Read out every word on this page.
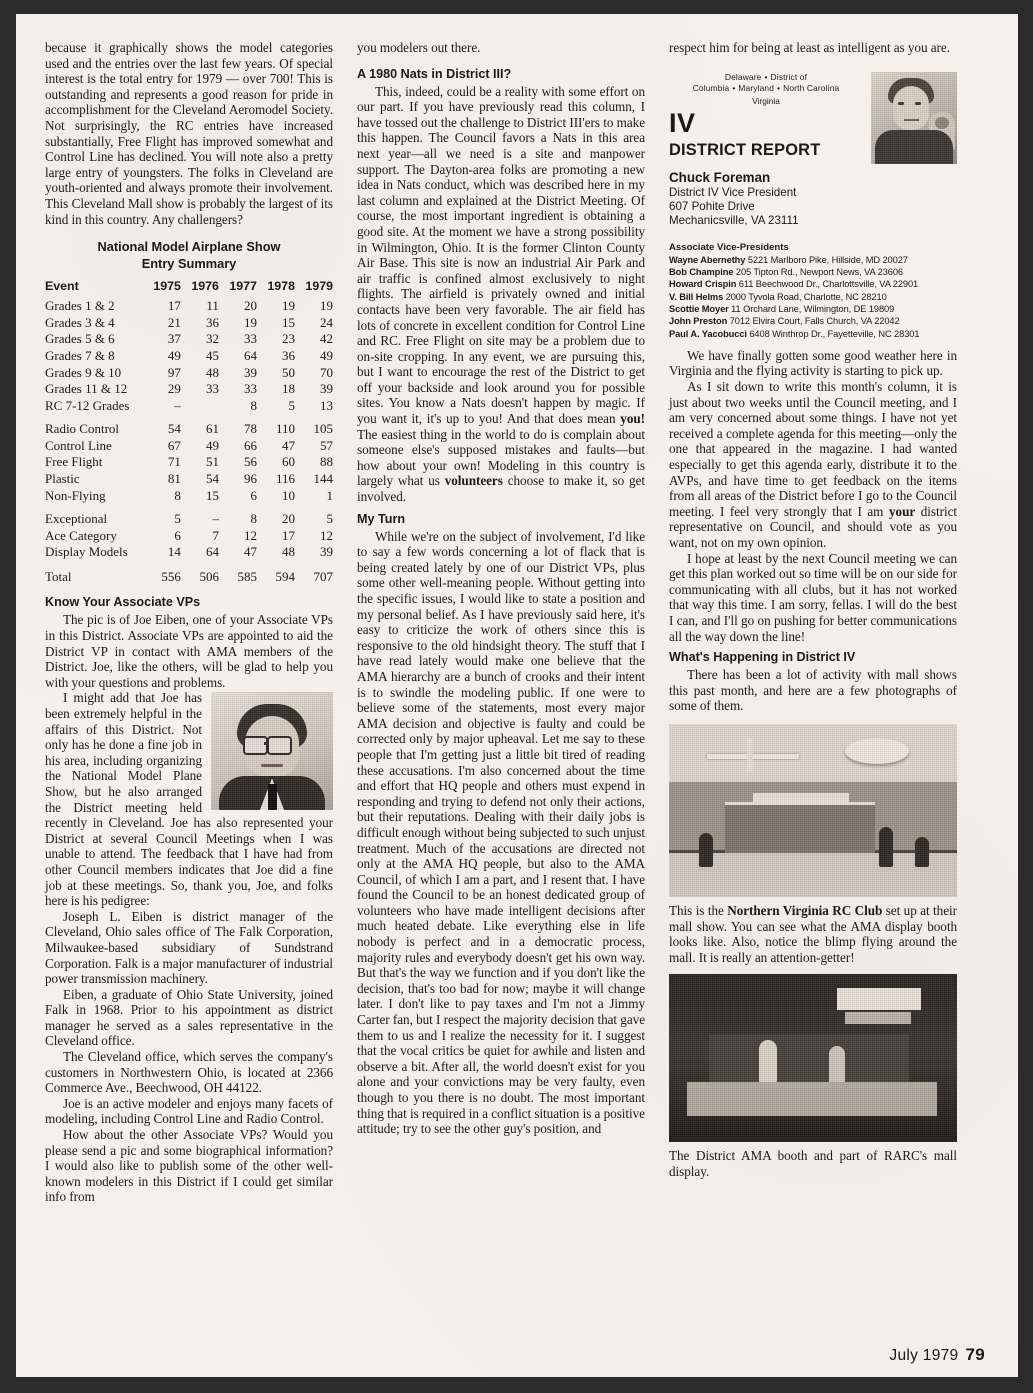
because it graphically shows the model categories used and the entries over the last few years. Of special interest is the total entry for 1979 — over 700! This is outstanding and represents a good reason for pride in accomplishment for the Cleveland Aeromodel Society. Not surprisingly, the RC entries have increased substantially, Free Flight has improved somewhat and Control Line has declined. You will note also a pretty large entry of youngsters. The folks in Cleveland are youth-oriented and always promote their involvement. This Cleveland Mall show is probably the largest of its kind in this country. Any challengers?

National Model Airplane Show
Entry Summary
Event	1975	1976	1977	1978	1979
Grades 1 & 2	17	11	20	19	19
Grades 3 & 4	21	36	19	15	24
Grades 5 & 6	37	32	33	23	42
Grades 7 & 8	49	45	64	36	49
Grades 9 & 10	97	48	39	50	70
Grades 11 & 12	29	33	33	18	39
RC 7-12 Grades	–		8	5	13

Radio Control	54	61	78	110	105
Control Line	67	49	66	47	57
Free Flight	71	51	56	60	88
Plastic	81	54	96	116	144
Non-Flying	8	15	6	10	1

Exceptional	5	–	8	20	5
Ace Category	6	7	12	17	12
Display Models	14	64	47	48	39
Total	556	506	585	594	707
Know Your Associate VPs

The pic is of Joe Eiben, one of your Associate VPs in this District. Associate VPs are appointed to aid the District VP in contact with AMA members of the District. Joe, like the others, will be glad to help you with your questions and problems.

I might add that Joe has been extremely helpful in the affairs of this District. Not only has he done a fine job in his area, including organizing the National Model Plane Show, but he also arranged the District meeting held recently in Cleveland. Joe has also represented your District at several Council Meetings when I was unable to attend. The feedback that I have had from other Council members indicates that Joe did a fine job at these meetings. So, thank you, Joe, and folks here is his pedigree:

Joseph L. Eiben is district manager of the Cleveland, Ohio sales office of The Falk Corporation, Milwaukee-based subsidiary of Sundstrand Corporation. Falk is a major manufacturer of industrial power transmission machinery.

Eiben, a graduate of Ohio State University, joined Falk in 1968. Prior to his appointment as district manager he served as a sales representative in the Cleveland office.

The Cleveland office, which serves the company's customers in Northwestern Ohio, is located at 2366 Commerce Ave., Beechwood, OH 44122.

Joe is an active modeler and enjoys many facets of modeling, including Control Line and Radio Control.

How about the other Associate VPs? Would you please send a pic and some biographical information? I would also like to publish some of the other well-known modelers in this District if I could get similar info from

you modelers out there.

A 1980 Nats in District III?

This, indeed, could be a reality with some effort on our part. If you have previously read this column, I have tossed out the challenge to District III'ers to make this happen. The Council favors a Nats in this area next year—all we need is a site and manpower support. The Dayton-area folks are promoting a new idea in Nats conduct, which was described here in my last column and explained at the District Meeting. Of course, the most important ingredient is obtaining a good site. At the moment we have a strong possibility in Wilmington, Ohio. It is the former Clinton County Air Base. This site is now an industrial Air Park and air traffic is confined almost exclusively to night flights. The airfield is privately owned and initial contacts have been very favorable. The air field has lots of concrete in excellent condition for Control Line and RC. Free Flight on site may be a problem due to on-site cropping. In any event, we are pursuing this, but I want to encourage the rest of the District to get off your backside and look around you for possible sites. You know a Nats doesn't happen by magic. If you want it, it's up to you! And that does mean you! The easiest thing in the world to do is complain about someone else's supposed mistakes and faults—but how about your own! Modeling in this country is largely what us volunteers choose to make it, so get involved.

My Turn

While we're on the subject of involvement, I'd like to say a few words concerning a lot of flack that is being created lately by one of our District VPs, plus some other well-meaning people. Without getting into the specific issues, I would like to state a position and my personal belief. As I have previously said here, it's easy to criticize the work of others since this is responsive to the old hindsight theory. The stuff that I have read lately would make one believe that the AMA hierarchy are a bunch of crooks and their intent is to swindle the modeling public. If one were to believe some of the statements, most every major AMA decision and objective is faulty and could be corrected only by major upheaval. Let me say to these people that I'm getting just a little bit tired of reading these accusations. I'm also concerned about the time and effort that HQ people and others must expend in responding and trying to defend not only their actions, but their reputations. Dealing with their daily jobs is difficult enough without being subjected to such unjust treatment. Much of the accusations are directed not only at the AMA HQ people, but also to the AMA Council, of which I am a part, and I resent that. I have found the Council to be an honest dedicated group of volunteers who have made intelligent decisions after much heated debate. Like everything else in life nobody is perfect and in a democratic process, majority rules and everybody doesn't get his own way. But that's the way we function and if you don't like the decision, that's too bad for now; maybe it will change later. I don't like to pay taxes and I'm not a Jimmy Carter fan, but I respect the majority decision that gave them to us and I realize the necessity for it. I suggest that the vocal critics be quiet for awhile and listen and observe a bit. After all, the world doesn't exist for you alone and your convictions may be very faulty, even though to you there is no doubt. The most important thing that is required in a conflict situation is a positive attitude; try to see the other guy's position, and

respect him for being at least as intelligent as you are.

Delaware • District of Columbia • Maryland • North Carolina
Virginia
IV
DISTRICT REPORT
Chuck Foreman
District IV Vice President
607 Pohite Drive
Mechanicsville, VA 23111
Associate Vice-Presidents
Wayne Abernethy 5221 Marlboro Pike, Hillside, MD 20027
Bob Champine 205 Tipton Rd., Newport News, VA 23606
Howard Crispin 611 Beechwood Dr., Charlottsville, VA 22901
V. Bill Helms 2000 Tyvola Road, Charlotte, NC 28210
Scottie Moyer 11 Orchard Lane, Wilmington, DE 19809
John Preston 7012 Elvira Court, Falls Church, VA 22042
Paul A. Yacobucci 6408 Winthrop Dr., Fayetteville, NC 28301

We have finally gotten some good weather here in Virginia and the flying activity is starting to pick up.

As I sit down to write this month's column, it is just about two weeks until the Council meeting, and I am very concerned about some things. I have not yet received a complete agenda for this meeting—only the one that appeared in the magazine. I had wanted especially to get this agenda early, distribute it to the AVPs, and have time to get feedback on the items from all areas of the District before I go to the Council meeting. I feel very strongly that I am your district representative on Council, and should vote as you want, not on my own opinion.

I hope at least by the next Council meeting we can get this plan worked out so time will be on our side for communicating with all clubs, but it has not worked that way this time. I am sorry, fellas. I will do the best I can, and I'll go on pushing for better communications all the way down the line!

What's Happening in District IV

There has been a lot of activity with mall shows this past month, and here are a few photographs of some of them.

This is the Northern Virginia RC Club set up at their mall show. You can see what the AMA display booth looks like. Also, notice the blimp flying around the mall. It is really an attention-getter!

The District AMA booth and part of RARC's mall display.

July 1979 79
